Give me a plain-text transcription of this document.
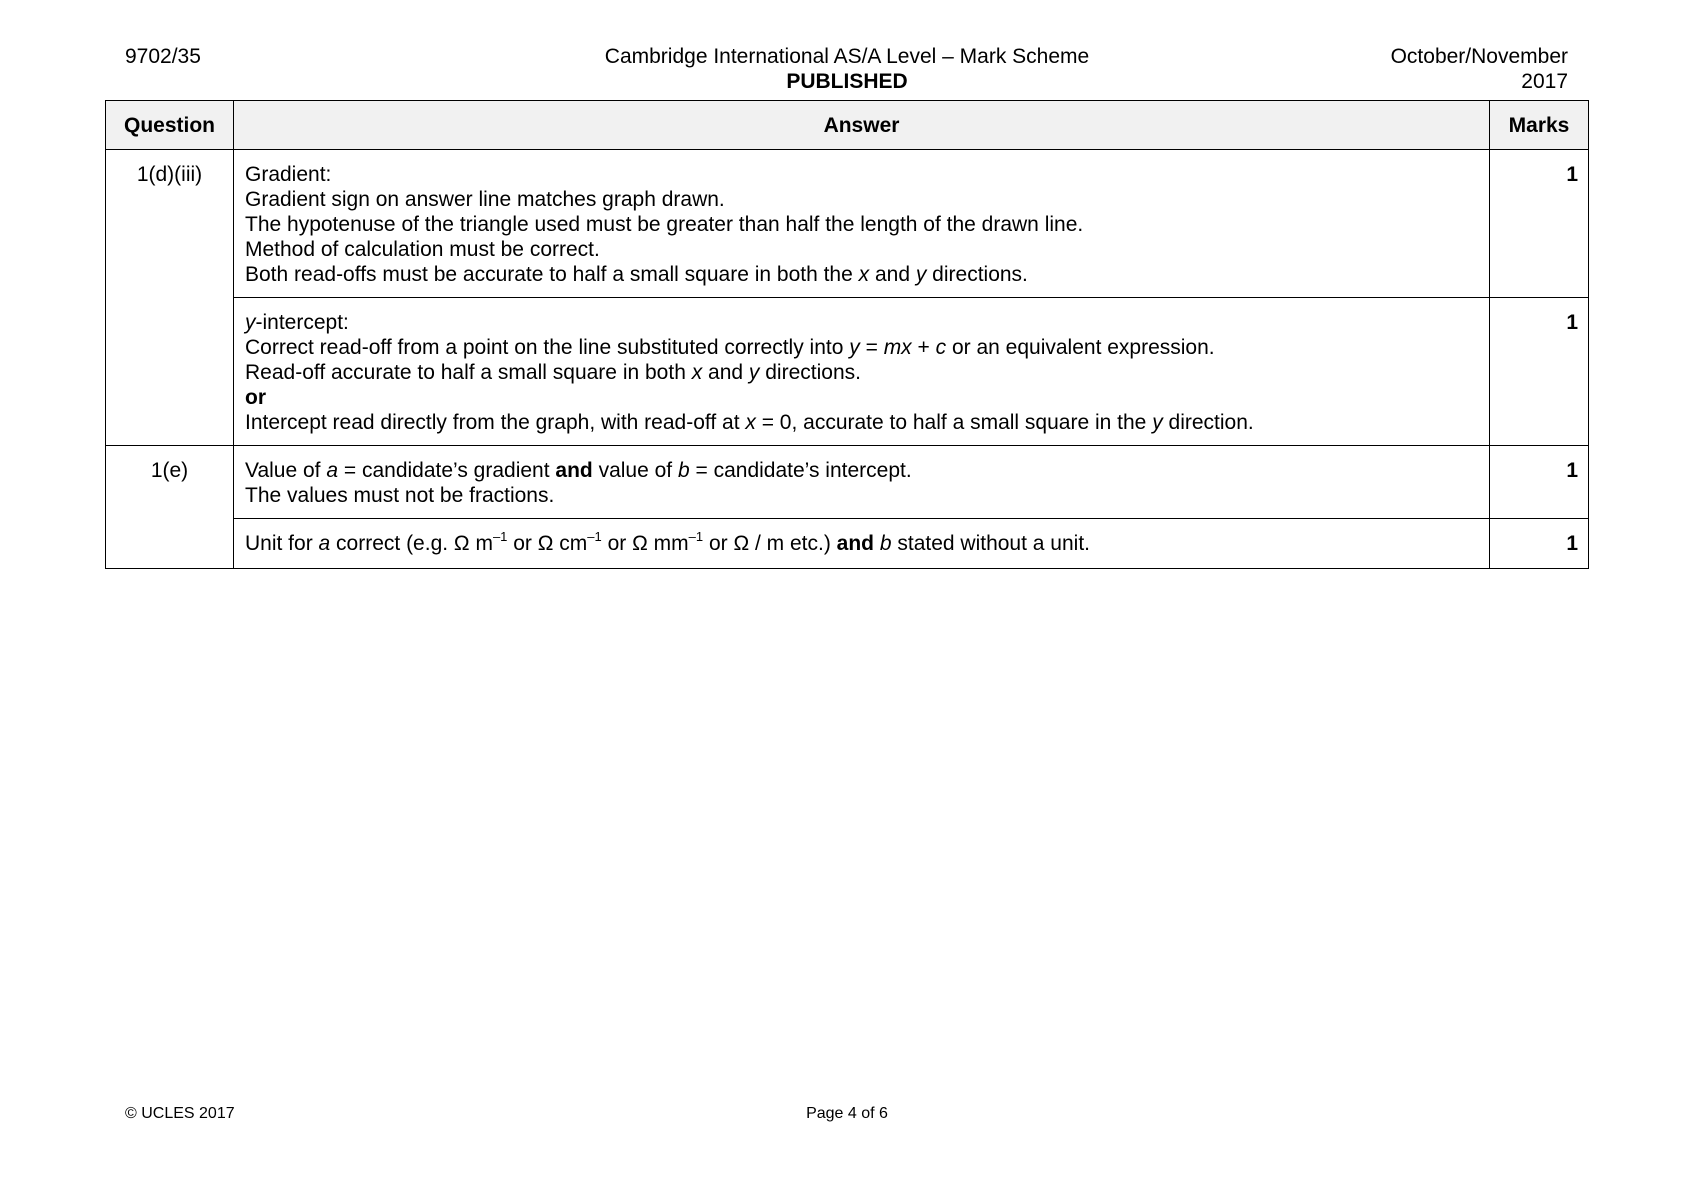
9702/35	Cambridge International AS/A Level – Mark Scheme
PUBLISHED
October/November
2017
Question	Answer	Marks
1(d)(iii)	Gradient:
Gradient sign on answer line matches graph drawn.
The hypotenuse of the triangle used must be greater than half the length of the drawn line.
Method of calculation must be correct.
Both read-offs must be accurate to half a small square in both the x and y directions.	1

	y-intercept:
Correct read-off from a point on the line substituted correctly into y = mx + c or an equivalent expression.
Read-off accurate to half a small square in both x and y directions.
or
Intercept read directly from the graph, with read-off at x = 0, accurate to half a small square in the y direction.	1
1(e)	Value of a = candidate’s gradient and value of b = candidate’s intercept.
The values must not be fractions.	1

	Unit for a correct (e.g. Ω $m^{-1}$ or Ω $cm^{-1}$ or Ω $mm^{-1}$ or Ω / m etc.) and b stated without a unit.	1
© UCLES 2017	Page 4 of 6
